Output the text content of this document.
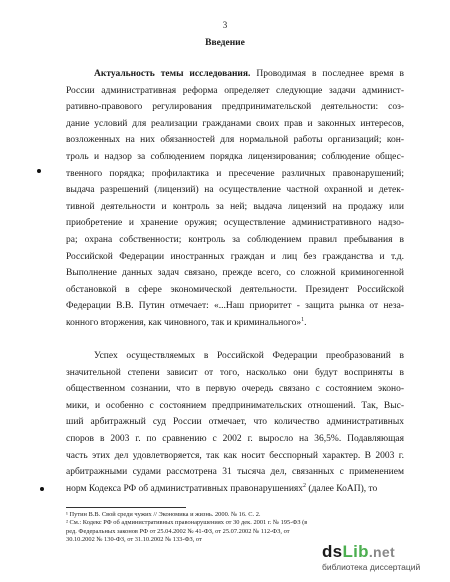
3
Введение
Актуальность темы исследования. Проводимая в последнее время в
России административная реформа определяет следующие задачи админист-
ративно-правового регулирования предпринимательской деятельности: соз-
дание условий для реализации гражданами своих прав и законных интересов,
возложенных на них обязанностей для нормальной работы организаций; кон-
троль и надзор за соблюдением порядка лицензирования; соблюдение общес-
твенного порядка; профилактика и пресечение различных правонарушений;
выдача разрешений (лицензий) на осуществление частной охранной и детек-
тивной деятельности и контроль за ней; выдача лицензий на продажу или
приобретение и хранение оружия; осуществление административного надзо-
ра; охрана собственности; контроль за соблюдением правил пребывания в
Российской Федерации иностранных граждан и лиц без гражданства и т.д.
Выполнение данных задач связано, прежде всего, со сложной криминогенной
обстановкой в сфере экономической деятельности. Президент Российской
Федерации В.В. Путин отмечает: «...Наш приоритет - защита рынка от неза-
конного вторжения, как чиновного, так и криминального»$^1$.
Успех осуществляемых в Российской Федерации преобразований в
значительной степени зависит от того, насколько они будут восприняты в
общественном сознании, что в первую очередь связано с состоянием эконо-
мики, и особенно с состоянием предпринимательских отношений. Так, Выс-
ший арбитражный суд России отмечает, что количество административных
споров в 2003 г. по сравнению с 2002 г. выросло на 36,5%. Подавляющая
часть этих дел удовлетворяется, так как носит бесспорный характер. В 2003 г.
арбитражными судами рассмотрена 31 тысяча дел, связанных с применением
норм Кодекса РФ об административных правонарушениях$^2$ (далее КоАП), то
¹ Путин В.В. Свой среди чужих // Экономика и жизнь. 2000. № 16. С. 2.
² См.: Кодекс РФ об административных правонарушениях от 30 дек. 2001 г. № 195-ФЗ (в
ред. Федеральных законов РФ от 25.04.2002 № 41-ФЗ, от 25.07.2002 № 112-ФЗ, от
30.10.2002 № 130-ФЗ, от 31.10.2002 № 133-ФЗ, от
dsLib.net
библиотека диссертаций
